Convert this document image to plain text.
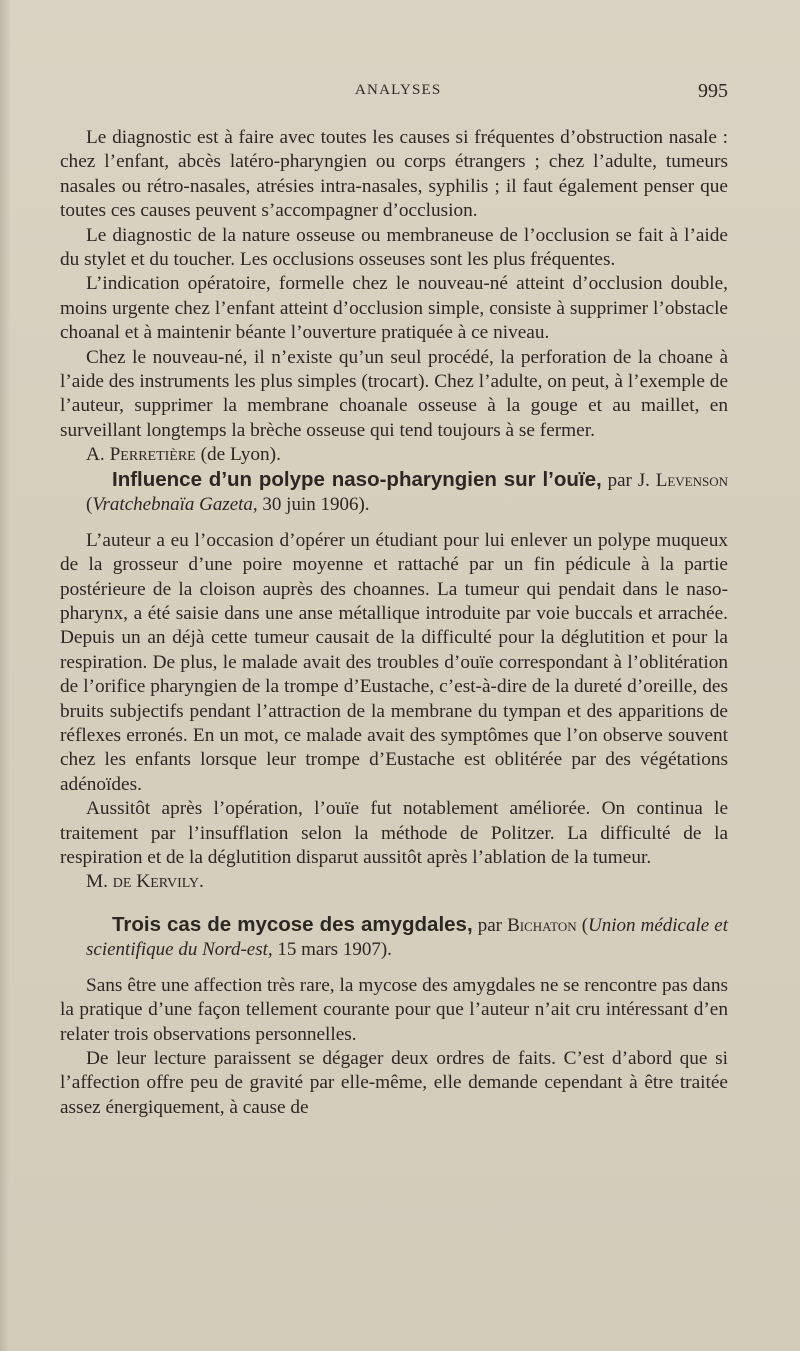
ANALYSES	995

Le diagnostic est à faire avec toutes les causes si fréquentes d’obstruction nasale : chez l’enfant, abcès latéro-pharyngien ou corps étrangers ; chez l’adulte, tumeurs nasales ou rétro-nasales, atrésies intra-nasales, syphilis ; il faut également penser que toutes ces causes peuvent s’accompagner d’occlusion.

Le diagnostic de la nature osseuse ou membraneuse de l’occlusion se fait à l’aide du stylet et du toucher. Les occlusions osseuses sont les plus fréquentes.

L’indication opératoire, formelle chez le nouveau-né atteint d’occlusion double, moins urgente chez l’enfant atteint d’occlusion simple, consiste à supprimer l’obstacle choanal et à maintenir béante l’ouverture pratiquée à ce niveau.

Chez le nouveau-né, il n’existe qu’un seul procédé, la perforation de la choane à l’aide des instruments les plus simples (trocart). Chez l’adulte, on peut, à l’exemple de l’auteur, supprimer la membrane choanale osseuse à la gouge et au maillet, en surveillant longtemps la brèche osseuse qui tend toujours à se fermer.

A. Perretière (de Lyon).

Influence d’un polype naso-pharyngien sur l’ouïe, par J. Levenson (Vratchebnaïa Gazeta, 30 juin 1906).

L’auteur a eu l’occasion d’opérer un étudiant pour lui enlever un polype muqueux de la grosseur d’une poire moyenne et rattaché par un fin pédicule à la partie postérieure de la cloison auprès des choannes. La tumeur qui pendait dans le naso-pharynx, a été saisie dans une anse métallique introduite par voie buccals et arrachée. Depuis un an déjà cette tumeur causait de la difficulté pour la déglutition et pour la respiration. De plus, le malade avait des troubles d’ouïe correspondant à l’oblitération de l’orifice pharyngien de la trompe d’Eustache, c’est-à-dire de la dureté d’oreille, des bruits subjectifs pendant l’attraction de la membrane du tympan et des apparitions de réflexes erronés. En un mot, ce malade avait des symptômes que l’on observe souvent chez les enfants lorsque leur trompe d’Eustache est oblitérée par des végétations adénoïdes.

Aussitôt après l’opération, l’ouïe fut notablement améliorée. On continua le traitement par l’insufflation selon la méthode de Politzer. La difficulté de la respiration et de la déglutition disparut aussitôt après l’ablation de la tumeur.

M. de Kervily.

Trois cas de mycose des amygdales, par Bichaton (Union médicale et scientifique du Nord-est, 15 mars 1907).

Sans être une affection très rare, la mycose des amygdales ne se rencontre pas dans la pratique d’une façon tellement courante pour que l’auteur n’ait cru intéressant d’en relater trois observations personnelles.

De leur lecture paraissent se dégager deux ordres de faits. C’est d’abord que si l’affection offre peu de gravité par elle-même, elle demande cependant à être traitée assez énergiquement, à cause de
